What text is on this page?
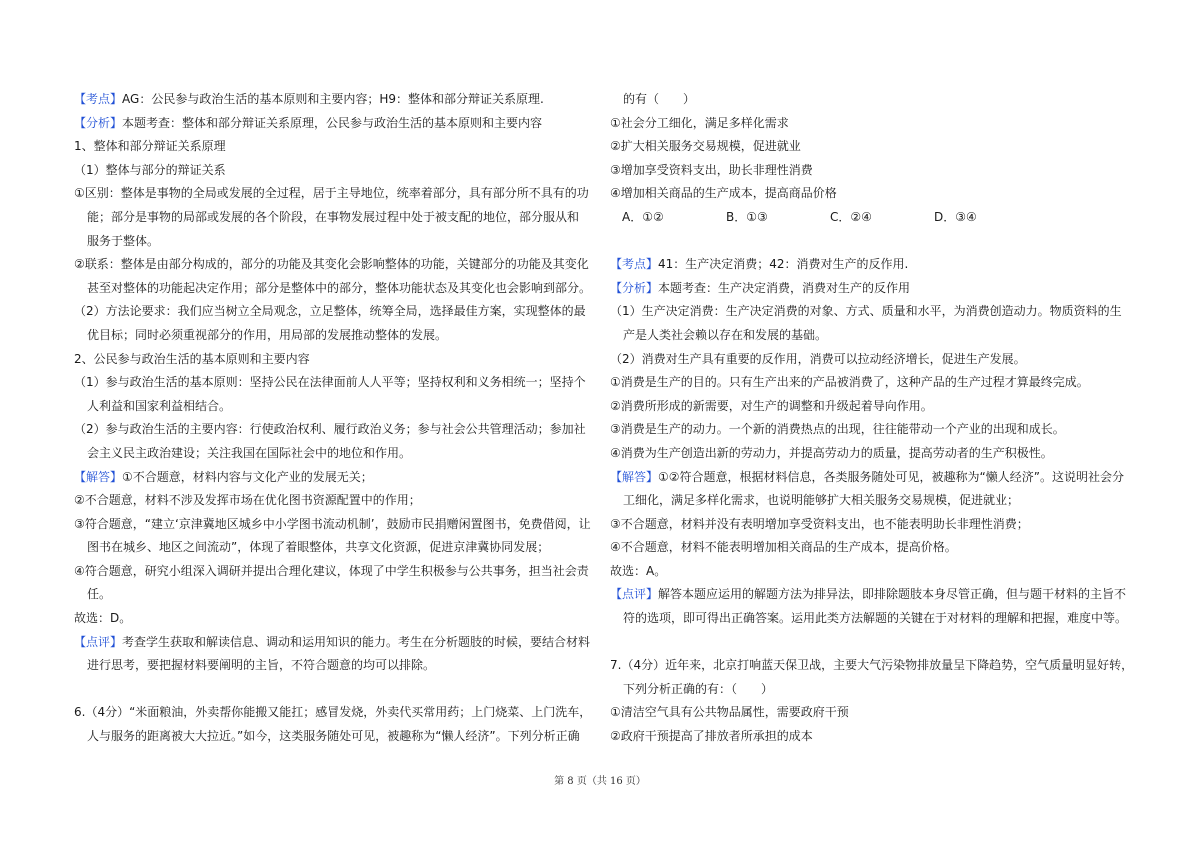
【考点】AG：公民参与政治生活的基本原则和主要内容；H9：整体和部分辩证关系原理.
【分析】本题考查：整体和部分辩证关系原理，公民参与政治生活的基本原则和主要内容
1、整体和部分辩证关系原理
（1）整体与部分的辩证关系
①区别：整体是事物的全局或发展的全过程，居于主导地位，统率着部分，具有部分所不具有的功
能；部分是事物的局部或发展的各个阶段，在事物发展过程中处于被支配的地位，部分服从和
服务于整体。
②联系：整体是由部分构成的，部分的功能及其变化会影响整体的功能，关键部分的功能及其变化
甚至对整体的功能起决定作用；部分是整体中的部分，整体功能状态及其变化也会影响到部分。
（2）方法论要求：我们应当树立全局观念，立足整体，统筹全局，选择最佳方案，实现整体的最
优目标；同时必须重视部分的作用，用局部的发展推动整体的发展。
2、公民参与政治生活的基本原则和主要内容
（1）参与政治生活的基本原则：坚持公民在法律面前人人平等；坚持权利和义务相统一；坚持个
人利益和国家利益相结合。
（2）参与政治生活的主要内容：行使政治权利、履行政治义务；参与社会公共管理活动；参加社
会主义民主政治建设；关注我国在国际社会中的地位和作用。
【解答】①不合题意，材料内容与文化产业的发展无关；
②不合题意，材料不涉及发挥市场在优化图书资源配置中的作用；
③符合题意，“建立‘京津冀地区城乡中小学图书流动机制’，鼓励市民捐赠闲置图书，免费借阅，让
图书在城乡、地区之间流动”，体现了着眼整体，共享文化资源，促进京津冀协同发展；
④符合题意，研究小组深入调研并提出合理化建议，体现了中学生积极参与公共事务，担当社会责
任。
故选：D。
【点评】考查学生获取和解读信息、调动和运用知识的能力。考生在分析题肢的时候，要结合材料
进行思考，要把握材料要阐明的主旨，不符合题意的均可以排除。
6.（4分）“米面粮油，外卖帮你能搬又能扛；感冒发烧，外卖代买常用药；上门烧菜、上门洗车，
人与服务的距离被大大拉近。”如今，这类服务随处可见，被趣称为“懒人经济”。下列分析正确
的有（　　）
①社会分工细化，满足多样化需求
②扩大相关服务交易规模，促进就业
③增加享受资料支出，助长非理性消费
④增加相关商品的生产成本，提高商品价格
A．①②	B．①③	C．②④	D．③④
【考点】41：生产决定消费；42：消费对生产的反作用.
【分析】本题考查：生产决定消费，消费对生产的反作用
（1）生产决定消费：生产决定消费的对象、方式、质量和水平，为消费创造动力。物质资料的生
产是人类社会赖以存在和发展的基础。
（2）消费对生产具有重要的反作用，消费可以拉动经济增长，促进生产发展。
①消费是生产的目的。只有生产出来的产品被消费了，这种产品的生产过程才算最终完成。
②消费所形成的新需要，对生产的调整和升级起着导向作用。
③消费是生产的动力。一个新的消费热点的出现，往往能带动一个产业的出现和成长。
④消费为生产创造出新的劳动力，并提高劳动力的质量，提高劳动者的生产积极性。
【解答】①②符合题意，根据材料信息，各类服务随处可见，被趣称为“懒人经济”。这说明社会分
工细化，满足多样化需求，也说明能够扩大相关服务交易规模，促进就业；
③不合题意，材料并没有表明增加享受资料支出，也不能表明助长非理性消费；
④不合题意，材料不能表明增加相关商品的生产成本，提高价格。
故选：A。
【点评】解答本题应运用的解题方法为排异法，即排除题肢本身尽管正确，但与题干材料的主旨不
符的选项，即可得出正确答案。运用此类方法解题的关键在于对材料的理解和把握，难度中等。
7.（4分）近年来，北京打响蓝天保卫战，主要大气污染物排放量呈下降趋势，空气质量明显好转，
下列分析正确的有：（　　）
①清洁空气具有公共物品属性，需要政府干预
②政府干预提高了排放者所承担的成本
第 8 页（共 16 页）
